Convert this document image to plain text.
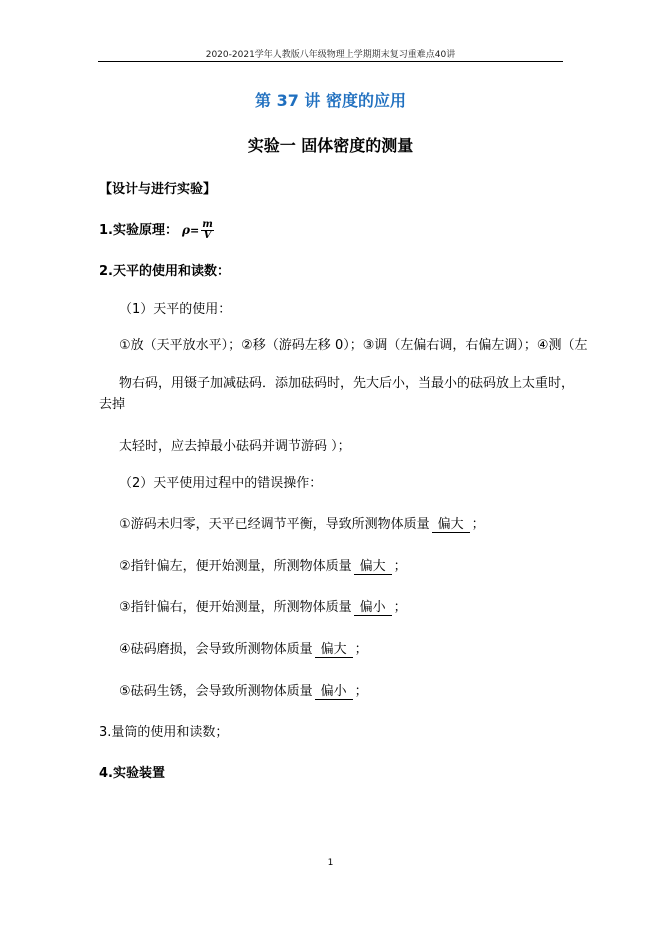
2020-2021学年人教版八年级物理上学期期末复习重难点40讲
第 37 讲 密度的应用
实验一 固体密度的测量
【设计与进行实验】
1.实验原理： $\rho= \frac{m}{V}$
2.天平的使用和读数：
（1）天平的使用：
①放（天平放水平）；②移（游码左移 0）；③调（左偏右调，右偏左调）；④测（左
物右码，用镊子加减砝码．添加砝码时，先大后小，当最小的砝码放上太重时，
去掉
太轻时，应去掉最小砝码并调节游码 ）；
（2）天平使用过程中的错误操作：
①游码未归零，天平已经调节平衡，导致所测物体质量 偏大 ；
②指针偏左，便开始测量，所测物体质量 偏大 ；
③指针偏右，便开始测量，所测物体质量 偏小 ；
④砝码磨损，会导致所测物体质量 偏大 ；
⑤砝码生锈，会导致所测物体质量 偏小 ；
3.量筒的使用和读数；
4.实验装置
1
